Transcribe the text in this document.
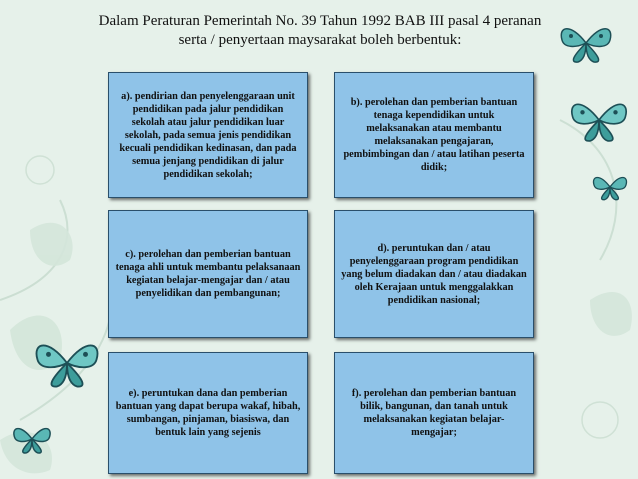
Dalam Peraturan Pemerintah No. 39 Tahun 1992 BAB III pasal 4 peranan
serta / penyertaan maysarakat boleh berbentuk:
a). pendirian dan penyelenggaraan unit pendidikan pada jalur pendidikan sekolah atau jalur pendidikan luar sekolah, pada semua jenis pendidikan kecuali pendidikan kedinasan, dan pada semua jenjang pendidikan di jalur pendidikan sekolah;
b). perolehan dan pemberian bantuan tenaga kependidikan untuk melaksanakan atau membantu melaksanakan pengajaran, pembimbingan dan / atau latihan peserta didik;
c). perolehan dan pemberian bantuan tenaga ahli untuk membantu pelaksanaan kegiatan belajar-mengajar dan / atau penyelidikan dan pembangunan;
d). peruntukan dan / atau penyelenggaraan program pendidikan yang belum diadakan dan / atau diadakan oleh Kerajaan untuk menggalakkan pendidikan nasional;
e). peruntukan dana dan pemberian bantuan yang dapat berupa wakaf, hibah, sumbangan, pinjaman, biasiswa, dan bentuk lain yang sejenis
f). perolehan dan pemberian bantuan bilik, bangunan, dan tanah untuk melaksanakan kegiatan belajar-mengajar;
